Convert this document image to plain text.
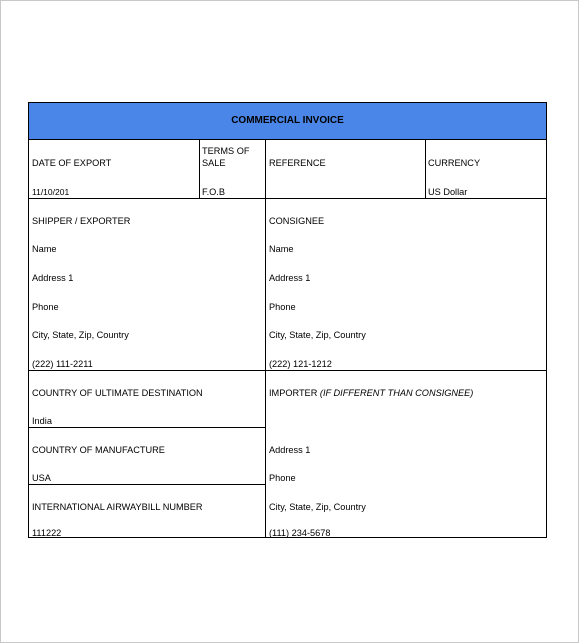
COMMERCIAL INVOICE
DATE OF EXPORT
11/10/201
TERMS OF
SALE
F.O.B
REFERENCE	CURRENCY
US Dollar
SHIPPER / EXPORTER
Name
Address 1
Phone
City, State, Zip, Country
(222) 111-2211
CONSIGNEE
Name
Address 1
Phone
City, State, Zip, Country
(222) 121-1212
COUNTRY OF ULTIMATE DESTINATION
India
COUNTRY OF MANUFACTURE
USA
INTERNATIONAL AIRWAYBILL NUMBER
111222
IMPORTER (IF DIFFERENT THAN CONSIGNEE)
Address 1
Phone
City, State, Zip, Country
(111) 234-5678
